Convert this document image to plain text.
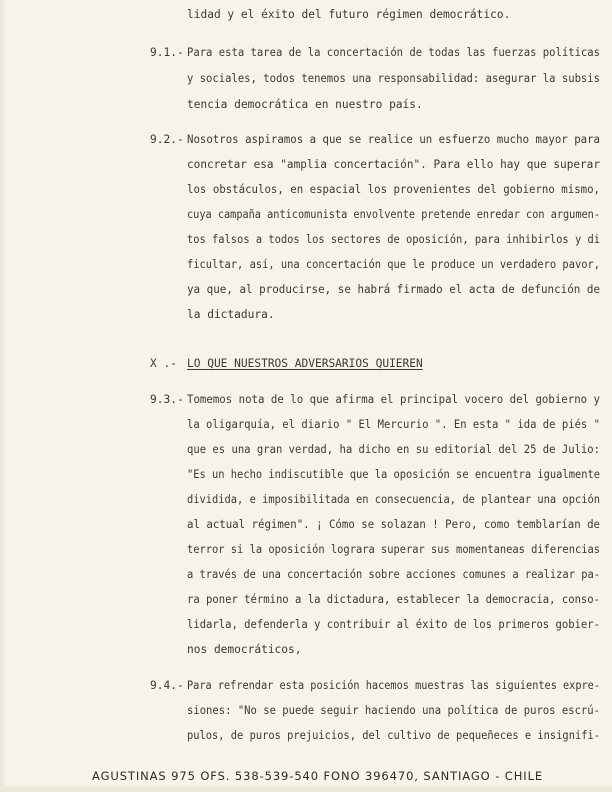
lidad y el éxito del futuro régimen democrático.
9.1.- Para esta tarea de la concertación de todas las fuerzas políticas
y sociales, todos tenemos una responsabilidad: asegurar la subsis
tencia democrática en nuestro país.
9.2.- Nosotros aspiramos a que se realice un esfuerzo mucho mayor para
concretar esa "amplia concertación". Para ello hay que superar
los obstáculos, en espacial los provenientes del gobierno mismo,
cuya campaña anticomunista envolvente pretende enredar con argumen-
tos falsos a todos los sectores de oposición, para inhibirlos y di
ficultar, así, una concertación que le produce un verdadero pavor,
ya que, al producirse, se habrá firmado el acta de defunción de
la dictadura.
X .- LO QUE NUESTROS ADVERSARIOS QUIEREN
9.3.- Tomemos nota de lo que afirma el principal vocero del gobierno y
la oligarquía, el diario " El Mercurio ". En esta " ida de piés "
que es una gran verdad, ha dicho en su editorial del 25 de Julio:
"Es un hecho indiscutible que la oposición se encuentra igualmente
dividida, e imposibilitada en consecuencia, de plantear una opción
al actual régimen". ¡ Cómo se solazan ! Pero, como temblarían de
terror si la oposición lograra superar sus momentaneas diferencias
a través de una concertación sobre acciones comunes a realizar pa-
ra poner término a la dictadura, establecer la democracia, conso-
lidarla, defenderla y contribuir al éxito de los primeros gobier-
nos democráticos,
9.4.- Para refrendar esta posición hacemos muestras las siguientes expre-
siones: "No se puede seguir haciendo una política de puros escrú-
pulos, de puros prejuicios, del cultivo de pequeñeces e insignifi-
AGUSTINAS 975 OFS. 538-539-540 FONO 396470, SANTIAGO - CHILE
